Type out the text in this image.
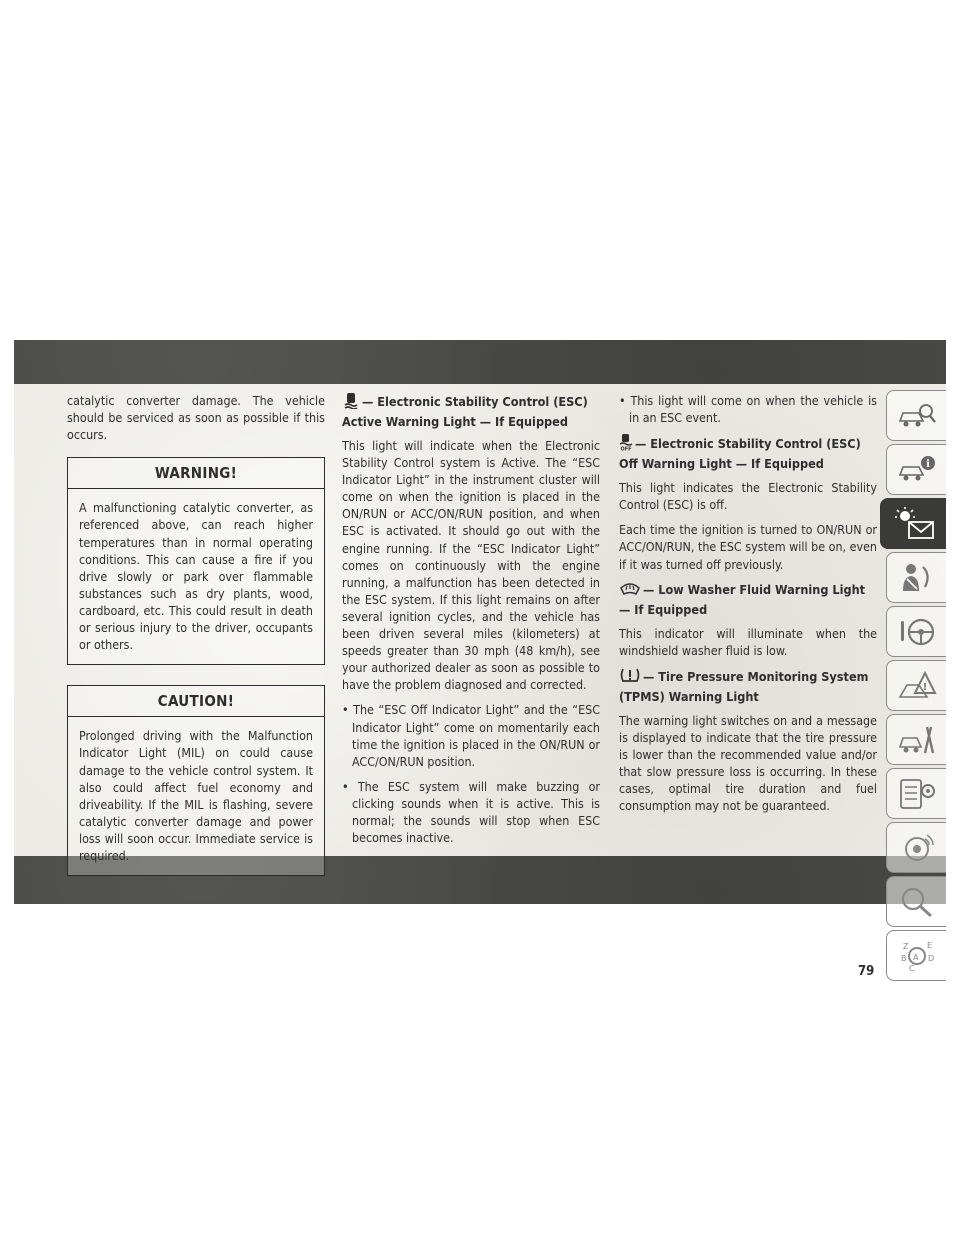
catalytic converter damage. The vehicle should be serviced as soon as possible if this occurs.

WARNING!

A malfunctioning catalytic converter, as referenced above, can reach higher temperatures than in normal operating conditions. This can cause a fire if you drive slowly or park over flammable substances such as dry plants, wood, cardboard, etc. This could result in death or serious injury to the driver, occupants or others.

CAUTION!

Prolonged driving with the Malfunction Indicator Light (MIL) on could cause damage to the vehicle control system. It also could affect fuel economy and driveability. If the MIL is flashing, severe catalytic converter damage and power loss will soon occur. Immediate service is required.

— Electronic Stability Control (ESC) Active Warning Light — If Equipped

This light will indicate when the Electronic Stability Control system is Active. The “ESC Indicator Light” in the instrument cluster will come on when the ignition is placed in the ON/RUN or ACC/ON/RUN position, and when ESC is activated. It should go out with the engine running. If the “ESC Indicator Light” comes on continuously with the engine running, a malfunction has been detected in the ESC system. If this light remains on after several ignition cycles, and the vehicle has been driven several miles (kilometers) at speeds greater than 30 mph (48 km/h), see your authorized dealer as soon as possible to have the problem diagnosed and corrected.

• The “ESC Off Indicator Light” and the “ESC Indicator Light” come on momentarily each time the ignition is placed in the ON/RUN or ACC/ON/RUN position.

• The ESC system will make buzzing or clicking sounds when it is active. This is normal; the sounds will stop when ESC becomes inactive.

• This light will come on when the vehicle is in an ESC event.

OFF — Electronic Stability Control (ESC) Off Warning Light — If Equipped

This light indicates the Electronic Stability Control (ESC) is off.

Each time the ignition is turned to ON/RUN or ACC/ON/RUN, the ESC system will be on, even if it was turned off previously.

— Low Washer Fluid Warning Light — If Equipped

This indicator will illuminate when the windshield washer fluid is low.

— Tire Pressure Monitoring System (TPMS) Warning Light

The warning light switches on and a message is displayed to indicate that the tire pressure is lower than the recommended value and/or that slow pressure loss is occurring. In these cases, optimal tire duration and fuel consumption may not be guaranteed.

i
!
Z E
B	D
A
C
79
